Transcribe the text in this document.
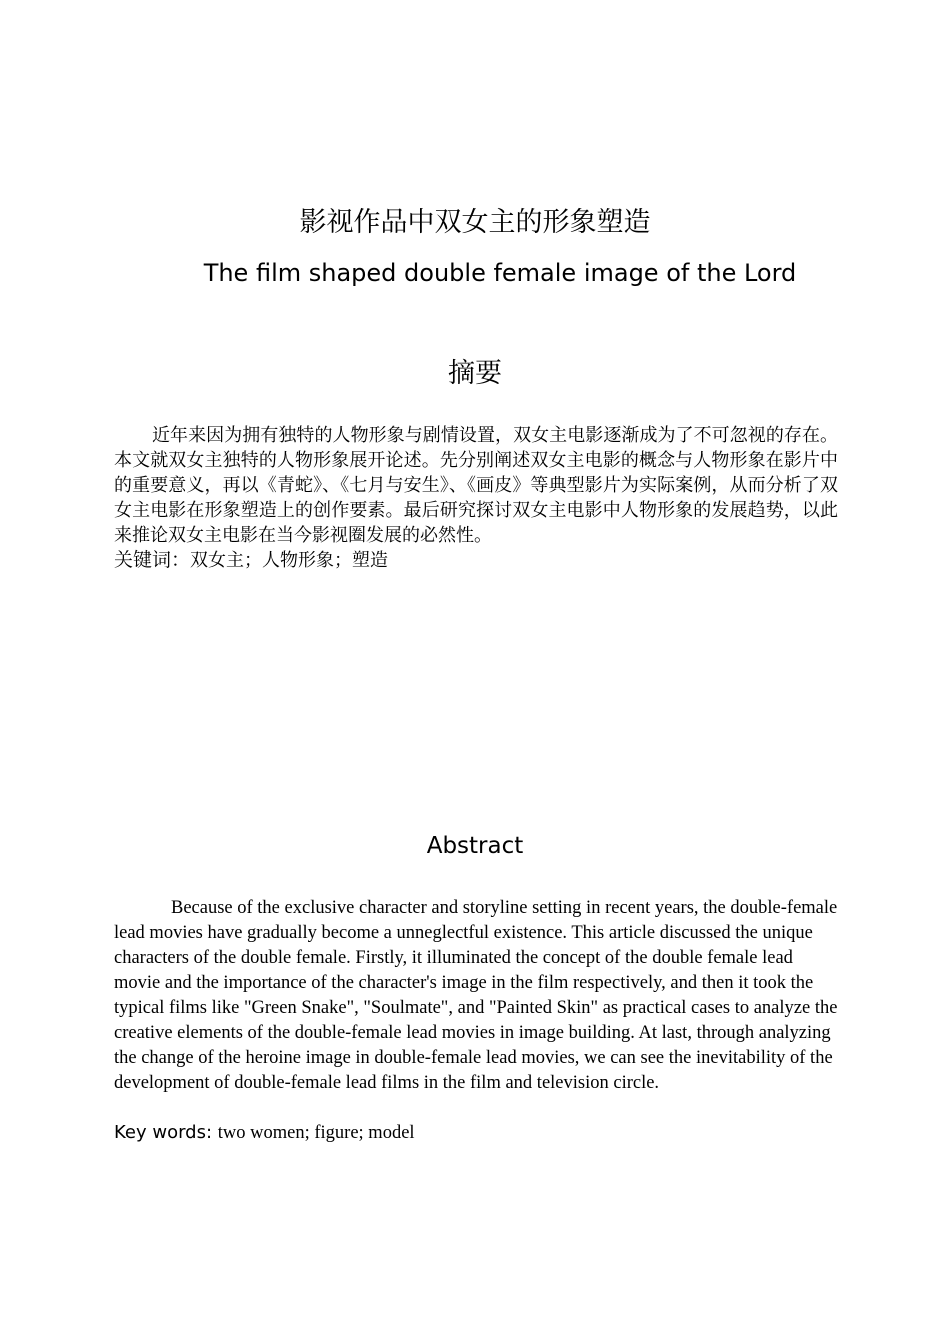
影视作品中双女主的形象塑造
The film shaped double female image of the Lord
摘要
近年来因为拥有独特的人物形象与剧情设置，双女主电影逐渐成为了不可忽视的存在。本文就双女主独特的人物形象展开论述。先分别阐述双女主电影的概念与人物形象在影片中的重要意义，再以《青蛇》、《七月与安生》、《画皮》等典型影片为实际案例，从而分析了双女主电影在形象塑造上的创作要素。最后研究探讨双女主电影中人物形象的发展趋势，以此来推论双女主电影在当今影视圈发展的必然性。
关键词：双女主；人物形象；塑造
Abstract
Because of the exclusive character and storyline setting in recent years, the double-female lead movies have gradually become a unneglectful existence. This article discussed the unique characters of the double female. Firstly, it illuminated the concept of the double female lead movie and the importance of the character's image in the film respectively, and then it took the typical films like "Green Snake", "Soulmate", and "Painted Skin" as practical cases to analyze the creative elements of the double-female lead movies in image building. At last, through analyzing the change of the heroine image in double-female lead movies, we can see the inevitability of the development of double-female lead films in the film and television circle.
Key words: two women; figure; model
